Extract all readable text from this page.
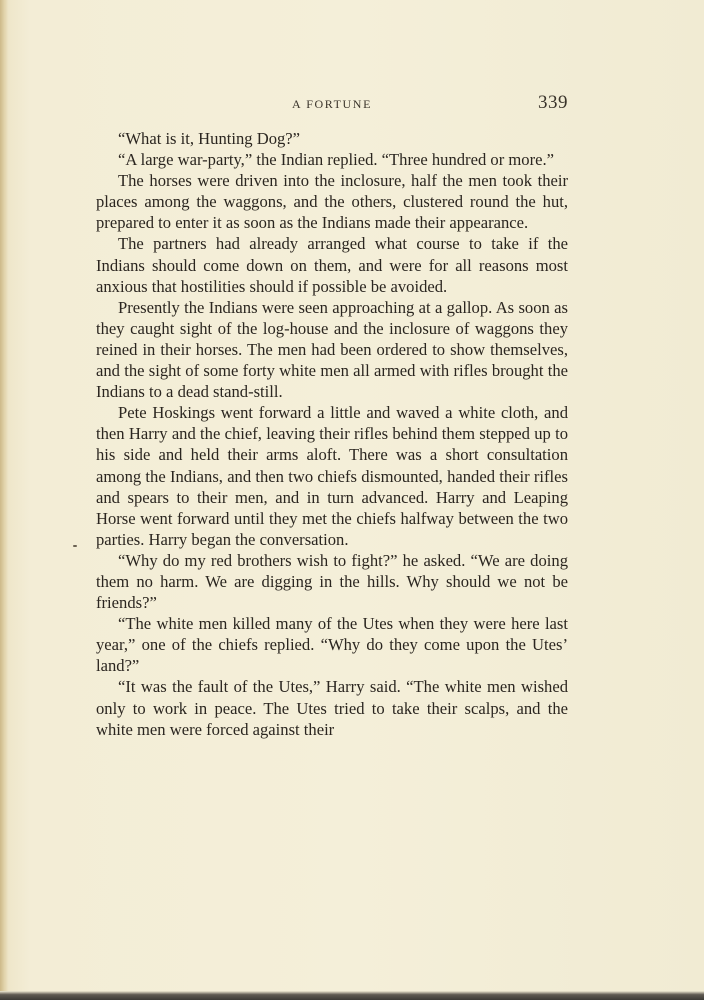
A FORTUNE	339

“What is it, Hunting Dog?”

“A large war-party,” the Indian replied. “Three hundred or more.”

The horses were driven into the inclosure, half the men took their places among the waggons, and the others, clustered round the hut, prepared to enter it as soon as the Indians made their appearance.

The partners had already arranged what course to take if the Indians should come down on them, and were for all reasons most anxious that hostilities should if possible be avoided.

Presently the Indians were seen approaching at a gallop. As soon as they caught sight of the log-house and the inclosure of waggons they reined in their horses. The men had been ordered to show themselves, and the sight of some forty white men all armed with rifles brought the Indians to a dead stand-still.

Pete Hoskings went forward a little and waved a white cloth, and then Harry and the chief, leaving their rifles behind them stepped up to his side and held their arms aloft. There was a short consultation among the Indians, and then two chiefs dismounted, handed their rifles and spears to their men, and in turn advanced. Harry and Leaping Horse went forward until they met the chiefs halfway between the two parties. Harry began the conversation.

“Why do my red brothers wish to fight?” he asked. “We are doing them no harm. We are digging in the hills. Why should we not be friends?”

“The white men killed many of the Utes when they were here last year,” one of the chiefs replied. “Why do they come upon the Utes’ land?”

“It was the fault of the Utes,” Harry said. “The white men wished only to work in peace. The Utes tried to take their scalps, and the white men were forced against their
